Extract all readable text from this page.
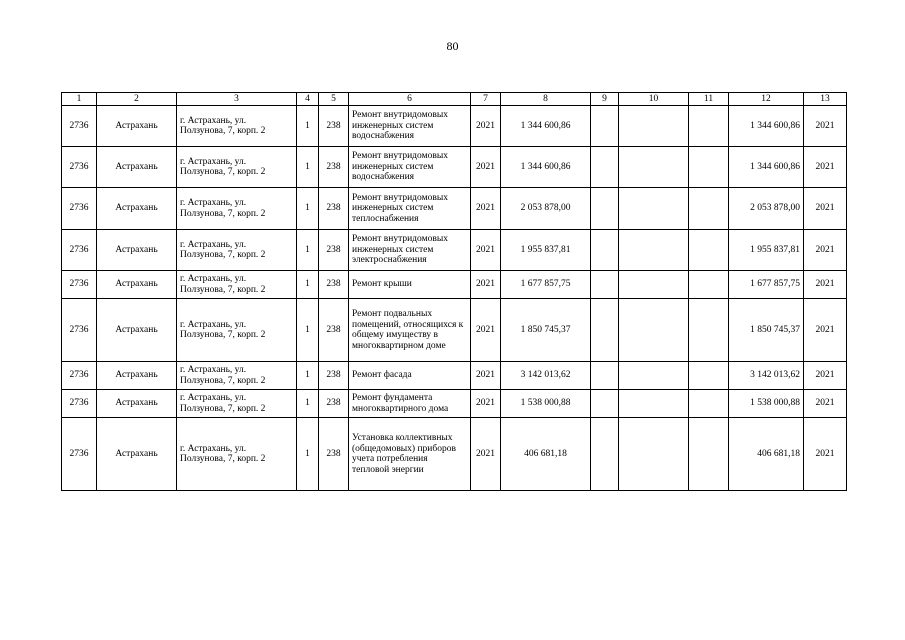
80
1	2	3	4	5	6	7	8	9	10	11	12	13
2736	Астрахань	г. Астрахань, ул. Ползунова, 7, корп. 2	1	238	Ремонт внутридомовых инженерных систем водоснабжения	2021	1 344 600,86				1 344 600,86	2021
2736	Астрахань	г. Астрахань, ул. Ползунова, 7, корп. 2	1	238	Ремонт внутридомовых инженерных систем водоснабжения	2021	1 344 600,86				1 344 600,86	2021
2736	Астрахань	г. Астрахань, ул. Ползунова, 7, корп. 2	1	238	Ремонт внутридомовых инженерных систем теплоснабжения	2021	2 053 878,00				2 053 878,00	2021
2736	Астрахань	г. Астрахань, ул. Ползунова, 7, корп. 2	1	238	Ремонт внутридомовых инженерных систем электроснабжения	2021	1 955 837,81				1 955 837,81	2021
2736	Астрахань	г. Астрахань, ул. Ползунова, 7, корп. 2	1	238	Ремонт крыши	2021	1 677 857,75				1 677 857,75	2021
2736	Астрахань	г. Астрахань, ул. Ползунова, 7, корп. 2	1	238	Ремонт подвальных помещений, относящихся к общему имуществу в многоквартирном доме	2021	1 850 745,37				1 850 745,37	2021
2736	Астрахань	г. Астрахань, ул. Ползунова, 7, корп. 2	1	238	Ремонт фасада	2021	3 142 013,62				3 142 013,62	2021
2736	Астрахань	г. Астрахань, ул. Ползунова, 7, корп. 2	1	238	Ремонт фундамента многоквартирного дома	2021	1 538 000,88				1 538 000,88	2021
2736	Астрахань	г. Астрахань, ул. Ползунова, 7, корп. 2	1	238	Установка коллективных (общедомовых) приборов учета потребления тепловой энергии	2021	406 681,18				406 681,18	2021
